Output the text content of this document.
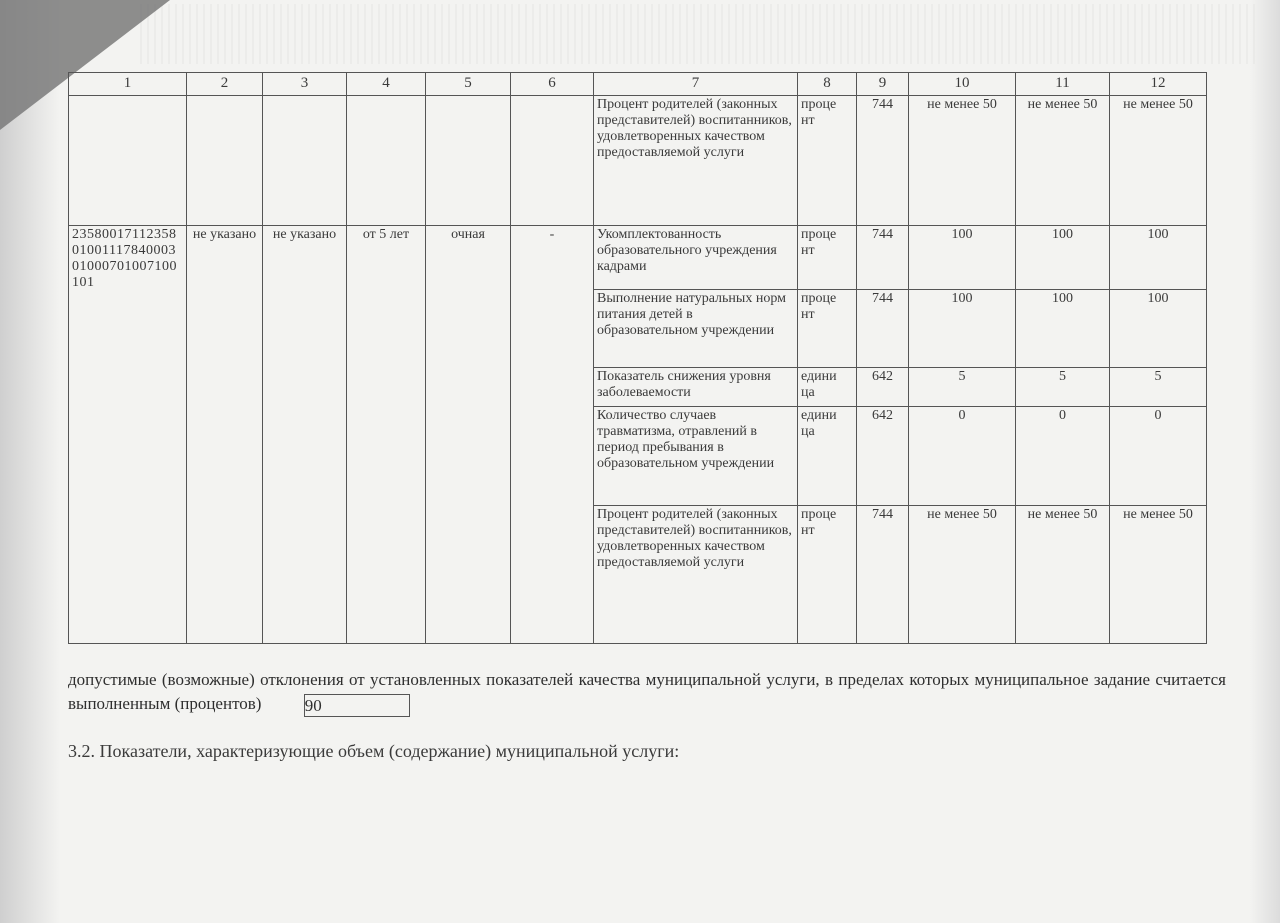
1	2	3	4	5	6	7	8	9	10	11	12
						Процент родителей (законных представителей) воспитанников, удовлетворенных качеством предоставляемой услуги	проце нт	744	не менее 50	не менее 50	не менее 50
235800171123580100111784000301000701007100101	не указано	не указано	от 5 лет	очная	-	Укомплектованность образовательного учреждения кадрами	проце нт	744	100	100	100
						Выполнение натуральных норм питания детей в образовательном учреждении	проце нт	744	100	100	100
						Показатель снижения уровня заболеваемости	едини ца	642	5	5	5
						Количество случаев травматизма, отравлений в период пребывания в образовательном учреждении	едини ца	642	0	0	0
						Процент родителей (законных представителей) воспитанников, удовлетворенных качеством предоставляемой услуги	проце нт	744	не менее 50	не менее 50	не менее 50
допустимые (возможные) отклонения от установленных показателей качества муниципальной услуги, в пределах которых муниципальное задание считается выполненным (процентов)	90
3.2. Показатели, характеризующие объем (содержание) муниципальной услуги:
